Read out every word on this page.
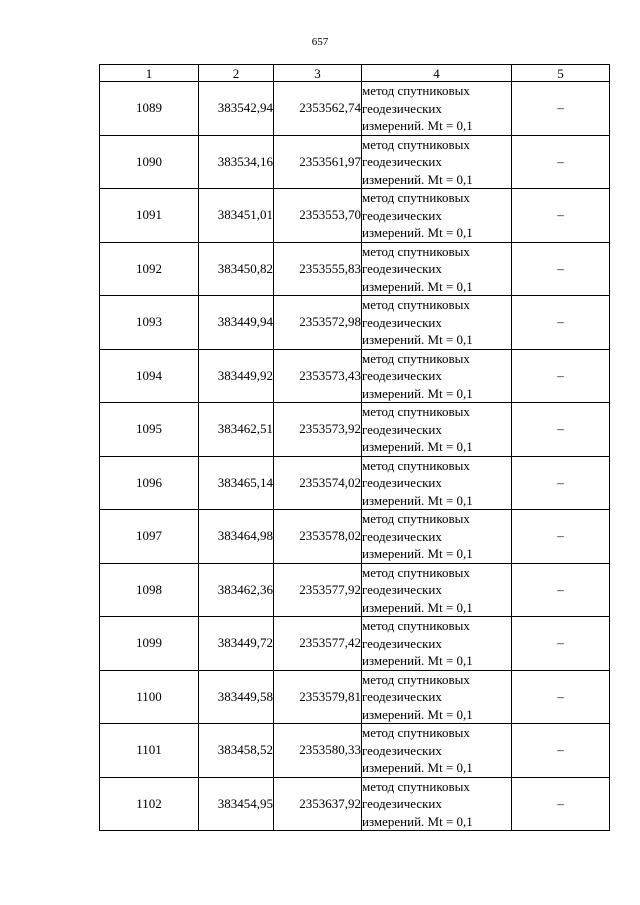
657
1	2	3	4	5
1089	383542,94	2353562,74	метод спутниковых
геодезических
измерений. Mt = 0,1	–
1090	383534,16	2353561,97	метод спутниковых
геодезических
измерений. Mt = 0,1	–
1091	383451,01	2353553,70	метод спутниковых
геодезических
измерений. Mt = 0,1	–
1092	383450,82	2353555,83	метод спутниковых
геодезических
измерений. Mt = 0,1	–
1093	383449,94	2353572,98	метод спутниковых
геодезических
измерений. Mt = 0,1	–
1094	383449,92	2353573,43	метод спутниковых
геодезических
измерений. Mt = 0,1	–
1095	383462,51	2353573,92	метод спутниковых
геодезических
измерений. Mt = 0,1	–
1096	383465,14	2353574,02	метод спутниковых
геодезических
измерений. Mt = 0,1	–
1097	383464,98	2353578,02	метод спутниковых
геодезических
измерений. Mt = 0,1	–
1098	383462,36	2353577,92	метод спутниковых
геодезических
измерений. Mt = 0,1	–
1099	383449,72	2353577,42	метод спутниковых
геодезических
измерений. Mt = 0,1	–
1100	383449,58	2353579,81	метод спутниковых
геодезических
измерений. Mt = 0,1	–
1101	383458,52	2353580,33	метод спутниковых
геодезических
измерений. Mt = 0,1	–
1102	383454,95	2353637,92	метод спутниковых
геодезических
измерений. Mt = 0,1	–
